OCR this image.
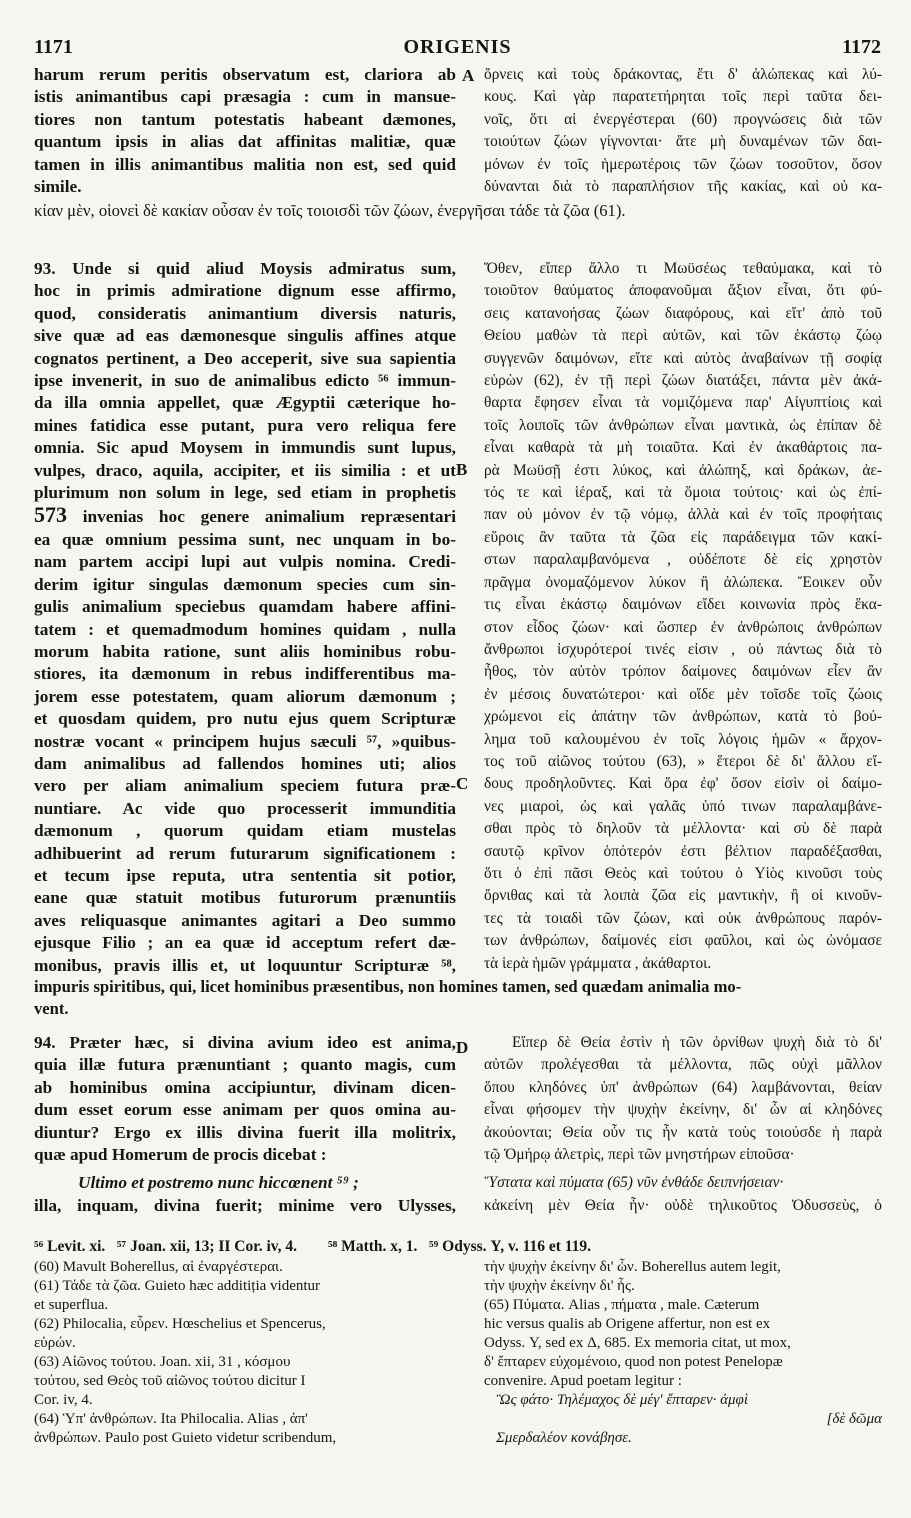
1171	ORIGENIS	1172
harum rerum peritis observatum est, clariora ab
istis animantibus capi præsagia : cum in mansue-
tiores non tantum potestatis habeant dæmones,
quantum ipsis in alias dat affinitas malitiæ, quæ
tamen in illis animantibus malitia non est, sed quid
simile.
A ὄρνεις καὶ τοὺς δράκοντας, ἔτι δ' ἀλώπεκας καὶ λύ-
κους. Καὶ γὰρ παρατετήρηται τοῖς περὶ ταῦτα δει-
νοῖς, ὅτι αἱ ἐνεργέστεραι (60) προγνώσεις διὰ τῶν
τοιούτων ζώων γίγνονται· ἅτε μὴ δυναμένων τῶν δαι-
μόνων ἐν τοῖς ἡμερωτέροις τῶν ζώων τοσοῦτον, ὅσον
δύνανται διὰ τὸ παραπλήσιον τῆς κακίας, καὶ οὐ κα-
κίαν μὲν, οἱονεὶ δὲ κακίαν οὖσαν ἐν τοῖς τοιοισδὶ τῶν ζώων, ἐνεργῆσαι τάδε τὰ ζῶα (61).
93. Unde si quid aliud Moysis admiratus sum,
hoc in primis admiratione dignum esse affirmo,
quod, consideratis animantium diversis naturis,
sive quæ ad eas dæmonesque singulis affines atque
cognatos pertinent, a Deo acceperit, sive sua sapientia
ipse invenerit, in suo de animalibus edicto ⁵⁶ immun-
da illa omnia appellet, quæ Ægyptii cæterique ho-
mines fatidica esse putant, pura vero reliqua fere
omnia. Sic apud Moysem in immundis sunt lupus,
vulpes, draco, aquila, accipiter, et iis similia : et ut
plurimum non solum in lege, sed etiam in prophetis
573 invenias hoc genere animalium repræsentari
ea quæ omnium pessima sunt, nec unquam in bo-
nam partem accipi lupi aut vulpis nomina. Credi-
derim igitur singulas dæmonum species cum sin-
gulis animalium speciebus quamdam habere affini-
tatem : et quemadmodum homines quidam , nulla
morum habita ratione, sunt aliis hominibus robu-
stiores, ita dæmonum in rebus indifferentibus ma-
jorem esse potestatem, quam aliorum dæmonum ;
et quosdam quidem, pro nutu ejus quem Scripturæ
nostræ vocant « principem hujus sæculi ⁵⁷, »quibus-
dam animalibus ad fallendos homines uti; alios
vero per aliam animalium speciem futura præ-
nuntiare. Ac vide quo processerit immunditia
dæmonum , quorum quidam etiam mustelas
adhibuerint ad rerum futurarum significationem :
et tecum ipse reputa, utra sententia sit potior,
eane quæ statuit motibus futurorum prænuntiis
aves reliquasque animantes agitari a Deo summo
ejusque Filio ; an ea quæ id acceptum refert dæ-
monibus, pravis illis et, ut loquuntur Scripturæ ⁵⁸,
B
C
Ὅθεν, εἴπερ ἄλλο τι Μωϋσέως τεθαύμακα, καὶ τὸ
τοιοῦτον θαύματος ἀποφανοῦμαι ἄξιον εἶναι, ὅτι φύ-
σεις κατανοήσας ζώων διαφόρους, καὶ εἴτ' ἀπὸ τοῦ
Θείου μαθὼν τὰ περὶ αὐτῶν, καὶ τῶν ἑκάστῳ ζώῳ
συγγενῶν δαιμόνων, εἴτε καὶ αὐτὸς ἀναβαίνων τῇ σοφίᾳ
εὑρὼν (62), ἐν τῇ περὶ ζώων διατάξει, πάντα μὲν ἀκά-
θαρτα ἔφησεν εἶναι τὰ νομιζόμενα παρ' Αἰγυπτίοις καὶ
τοῖς λοιποῖς τῶν ἀνθρώπων εἶναι μαντικὰ, ὡς ἐπίπαν δὲ
εἶναι καθαρὰ τὰ μὴ τοιαῦτα. Καὶ ἐν ἀκαθάρτοις πα-
ρὰ Μωϋσῇ ἐστι λύκος, καὶ ἀλώπηξ, καὶ δράκων, ἀε-
τός τε καὶ ἱέραξ, καὶ τὰ ὅμοια τούτοις· καὶ ὡς ἐπί-
παν οὐ μόνον ἐν τῷ νόμῳ, ἀλλὰ καὶ ἐν τοῖς προφήταις
εὕροις ἂν ταῦτα τὰ ζῶα εἰς παράδειγμα τῶν κακί-
στων παραλαμβανόμενα , οὐδέποτε δὲ εἰς χρηστὸν
πρᾶγμα ὀνομαζόμενον λύκον ἢ ἀλώπεκα. Ἔοικεν οὖν
τις εἶναι ἑκάστῳ δαιμόνων εἴδει κοινωνία πρὸς ἕκα-
στον εἶδος ζώων· καὶ ὥσπερ ἐν ἀνθρώποις ἀνθρώπων
ἄνθρωποι ἰσχυρότεροί τινές εἰσιν , οὐ πάντως διὰ τὸ
ἦθος, τὸν αὐτὸν τρόπον δαίμονες δαιμόνων εἶεν ἂν
ἐν μέσοις δυνατώτεροι· καὶ οἵδε μὲν τοῖσδε τοῖς ζώοις
χρώμενοι εἰς ἀπάτην τῶν ἀνθρώπων, κατὰ τὸ βού-
λημα τοῦ καλουμένου ἐν τοῖς λόγοις ἡμῶν « ἄρχον-
τος τοῦ αἰῶνος τούτου (63), » ἕτεροι δὲ δι' ἄλλου εἴ-
δους προδηλοῦντες. Καὶ ὅρα ἐφ' ὅσον εἰσὶν οἱ δαίμο-
νες μιαροὶ, ὡς καὶ γαλᾶς ὑπό τινων παραλαμβάνε-
σθαι πρὸς τὸ δηλοῦν τὰ μέλλοντα· καὶ σὺ δὲ παρὰ
σαυτῷ κρῖνον ὁπότερόν ἐστι βέλτιον παραδέξασθαι,
ὅτι ὁ ἐπὶ πᾶσι Θεὸς καὶ τούτου ὁ Υἱὸς κινοῦσι τοὺς
ὄρνιθας καὶ τὰ λοιπὰ ζῶα εἰς μαντικὴν, ἢ οἱ κινοῦν-
τες τὰ τοιαδὶ τῶν ζώων, καὶ οὐκ ἀνθρώπους παρόν-
των ἀνθρώπων, δαίμονές εἰσι φαῦλοι, καὶ ὡς ὠνόμασε
τὰ ἱερὰ ἡμῶν γράμματα , ἀκάθαρτοι.
impuris spiritibus, qui, licet hominibus præsentibus, non homines tamen, sed quædam animalia mo-
vent.
94. Præter hæc, si divina avium ideo est anima,
quia illæ futura prænuntiant ; quanto magis, cum
ab hominibus omina accipiuntur, divinam dicen-
dum esset eorum esse animam per quos omina au-
diuntur? Ergo ex illis divina fuerit illa molitrix,
quæ apud Homerum de procis dicebat :
Ultimo et postremo nunc hiccœnent ⁵⁹ ;
illa, inquam, divina fuerit; minime vero Ulysses,
D	Εἴπερ δὲ Θεία ἐστὶν ἡ τῶν ὀρνίθων ψυχὴ διὰ τὸ δι'
αὐτῶν προλέγεσθαι τὰ μέλλοντα, πῶς οὐχὶ μᾶλλον
ὅπου κληδόνες ὑπ' ἀνθρώπων (64) λαμβάνονται, θείαν
εἶναι φήσομεν τὴν ψυχὴν ἐκείνην, δι' ὧν αἱ κληδόνες
ἀκούονται; Θεία οὖν τις ἦν κατὰ τοὺς τοιούσδε ἡ παρὰ
τῷ Ὁμήρῳ ἀλετρὶς, περὶ τῶν μνηστήρων εἰποῦσα·
Ὕστατα καὶ πύματα (65) νῦν ἐνθάδε δειπνήσειαν·
κἀκείνη μὲν Θεία ἦν· οὐδὲ τηλικοῦτος Ὀδυσσεὺς, ὁ
⁵⁶ Levit. xi.   ⁵⁷ Joan. xii, 13; II Cor. iv, 4.        ⁵⁸ Matth. x, 1.   ⁵⁹ Odyss. Υ, v. 116 et 119.
(60) Mavult Boherellus, αἱ ἐναργέστεραι.
(61) Τάδε τὰ ζῶα. Guieto hæc additiția videntur
et superflua.
(62) Philocalia, εὗρεν. Hœschelius et Spencerus,
εὑρών.
(63) Αἰῶνος τούτου. Joan. xii, 31 , κόσμου
τούτου, sed Θεὸς τοῦ αἰῶνος τούτου dicitur I
Cor. iv, 4.
(64) Ὑπ' ἀνθρώπων. Ita Philocalia. Alias , ἀπ'
ἀνθρώπων. Paulo post Guieto videtur scribendum,
τὴν ψυχὴν ἐκείνην δι' ὧν. Boherellus autem legit,
τὴν ψυχὴν ἐκείνην δι' ἧς.
(65) Πύματα. Alias , πήματα , male. Cæterum
hic versus qualis ab Origene affertur, non est ex
Odyss. Υ, sed ex Δ, 685. Ex memoria citat, ut mox,
δ' ἔπταρεν εὐχομένοιο, quod non potest Penelopæ
convenire. Apud poetam legitur :
Ὣς φάτο· Τηλέμαχος δὲ μέγ' ἔπταρεν· ἀμφὶ
[δὲ δῶμα
Σμερδαλέον κονάβησε.
